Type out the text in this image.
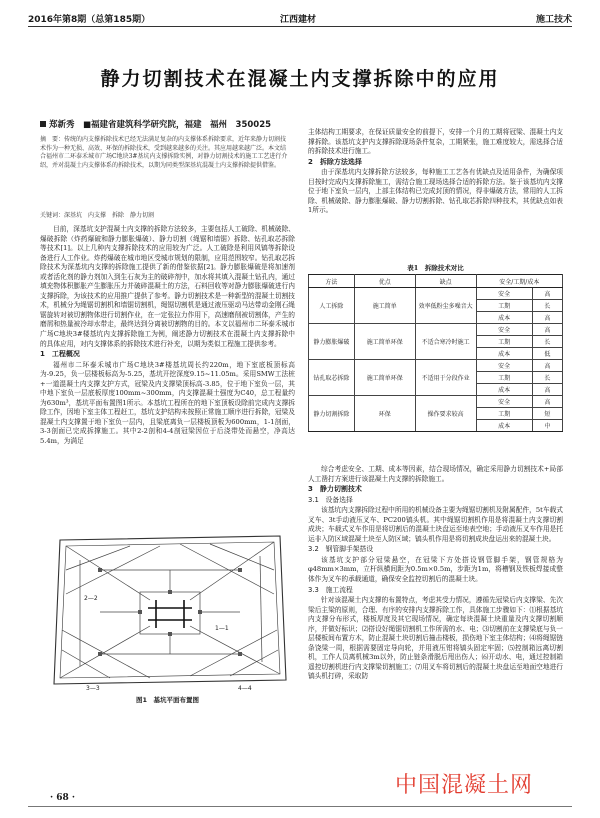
2016年第8期（总第185期）	江西建材	施工技术
静力切割技术在混凝土内支撑拆除中的应用
郑新秀　■福建省建筑科学研究院，福建　福州　350025
摘　要：传统的内支撑拆除技术已经无法满足复杂的内支撑体系拆除要求，近年来静力切割技术作为一种无损、高效、环保的拆除技术，受到越来越多的关注。其应用越来越广泛。本文结合福州市二环泰禾城市广场C地块3#基坑内支撑拆除实例，对静力切割技术的施工工艺进行介绍，并对混凝土内支撑体系的拆除技术，以期为同类型深基坑混凝土内支撑拆除提供借鉴。
关键词：深基坑　内支撑　拆除　静力切割

目前，深基坑支护混凝土内支撑的拆除方法较多，主要包括人工破除、机械破除、爆破拆除（炸药爆破和静力膨胀爆破）、静力切割（绳锯和墙锯）拆除、钻孔取芯拆除等技术[1]。以上几种内支撑拆除技术的应用较为广泛。人工破除是利用风镐等拆除设备进行人工作业。炸药爆破在城市地区受城市规划的限制，应用范围较窄。钻孔取芯拆除技术为深基坑内支撑的拆除施工提供了新的借鉴依据[2]。静力膨胀爆破是将加速剂或者活化剂的静力剂加入到生石灰为主的破碎剂中，加水将其填入混凝土钻孔内，通过填充物体积膨胀产生膨胀压力并破碎混凝土的方法，石料回收等对静力膨胀爆破进行内支撑拆除，为该技术的应用推广提供了参考。静力切割技术是一种新型的混凝土切割技术，机械分为绳锯切割机和墙锯切割机，绳锯切割机是通过液压驱动马达带动金刚石绳锯旋转对被切割物体进行切割作业，在一定张拉力作用下，高速磨削被切割体，产生的磨屑和热量被冷却水带走，最终达到分离被切割物的目的。本文以福州市二环泰禾城市广场C地块3#楼基坑内支撑拆除施工为例，阐述静力切割技术在混凝土内支撑拆除中的具体应用，对内支撑体系的拆除技术进行补充，以期为类似工程施工提供参考。

1　工程概况

福州市二环泰禾城市广场C地块3#楼基坑周长约220m，地下室底板顶标高为-9.25，负一层楼板标高为-5.25，基坑开挖深度9.15~11.05m。采用SMW工法桩+一道混凝土内支撑支护方式，冠梁及内支撑梁顶标高-3.85，位于地下室负一层，其中地下室负一层底板厚度100mm~300mm，内支撑混凝土强度为C40，总工程量约为630m³，基坑平面布置图1所示。本基坑工程所在的地下室顶板设除前完成内支撑拆除工作，因地下室主体工程赶工，基坑支护结构未按照正常施工顺序进行拆除，冠梁及混凝土内支撑置于地下室负一层内，且梁底离负一层楼板顶板为600mm，1-1剖面，3-3剖面已完成拆撑施工。其中2-2剖和4-4剖冠梁因位于后浇带处而悬空，净高达5.4m，为满足

主体结构工期要求，在保证质量安全的前提下，安排一个月的工期将冠梁、混凝土内支撑拆除。该基坑支护内支撑拆除现场条件复杂，工期紧张，施工难度较大，需选择合适的拆除技术进行施工。

2　拆除方法选择

由于深基坑内支撑拆除方法较多，每种施工工艺各有优缺点及适用条件，为确保项目按时完成内支撑拆除施工，需结合施工现场选择合适的拆除方法。鉴于该基坑内支撑位于地下室负一层内，上部主体结构已完成封顶的情况，得非爆破方法，常用的人工拆除、机械破除、静力膨胀爆破、静力切割拆除、钻孔取芯拆除四种技术，其优缺点如表1所示。

表1　拆除技术对比
方法	优点	缺点	安全/工期/成本	
人工拆除	施工简单	效率低粉尘多噪音大	安全	高
			工期	长
			成本	高
静力膨胀爆破	施工简单环保	不适合寒冷时施工	安全	高
			工期	长
			成本	低
钻孔取芯拆除	施工简单环保	不适用于分段作业	安全	高
			工期	长
			成本	高
静力切割拆除	环保	操作要求较高	安全	高
			工期	短
			成本	中

综合考虑安全、工期、成本等因素，结合现场情况，确定采用静力切割技术+局部人工凿打方案进行该混凝土内支撑的拆除施工。

3　静力切割技术
3.1　设备选择

该基坑内支撑拆除过程中所用的机械设备主要为绳锯切割机及附属配件，5t车载式叉车、3t手动液压叉车、PC200镐头机。其中绳锯切割机作用是将混凝土内支撑切割成块；车载式叉车作用是将切割后的混凝土块盘运至地表空地；手动液压叉车作用是托运非入防区域混凝土块至人防区域；镐头机作用是将切割成块盘运出来的混凝土块。

3.2　钢管脚手架搭设

该基坑支护部分冠梁悬空，在冠梁下方处搭设钢管脚手架，钢管规格为φ48mm×3mm，立杆纵横间距为0.5m×0.5m，步距为1m，将槽钢及铁板焊接成整体作为叉车的承载通道，确保安全监控切割后的混凝土块。

3.3　施工流程

针对该混凝土内支撑的布置特点，考虑其受力情况，遵循先冠梁后内支撑梁、先次梁后主梁的原则，合理、有序的安排内支撑拆除工作，具体施工步骤如下：⑴根据基坑内支撑分布形式，楼板厚度及其它现场情况，确定每块混凝土块重量及内支撑切割顺序，并做好标识；⑵搭设好绳锯切割机工作所需的水、电；⑶切割前在支撑梁底与负一层楼板间布置方木，防止混凝土块切割后撞击楼板，损伤地下室主体结构；⑷将绳锯链条饶梁一周，根据需要固定导向轮，并用液压钳将镐头固定牢固；⑸控制箱远离切割机，工作人员离机械3m以外，防止链条滑脱后甩出伤人；⑹开动水、电，通过控制箱遥控切割机进行内支撑梁切割施工；⑺用叉车将切割后的混凝土块盘运至地面空地进行镐头机打碎，采取防

1—1
2—2
3—3	4—4
图1　基坑平面布置图
· 68 ·	中国混凝土网
